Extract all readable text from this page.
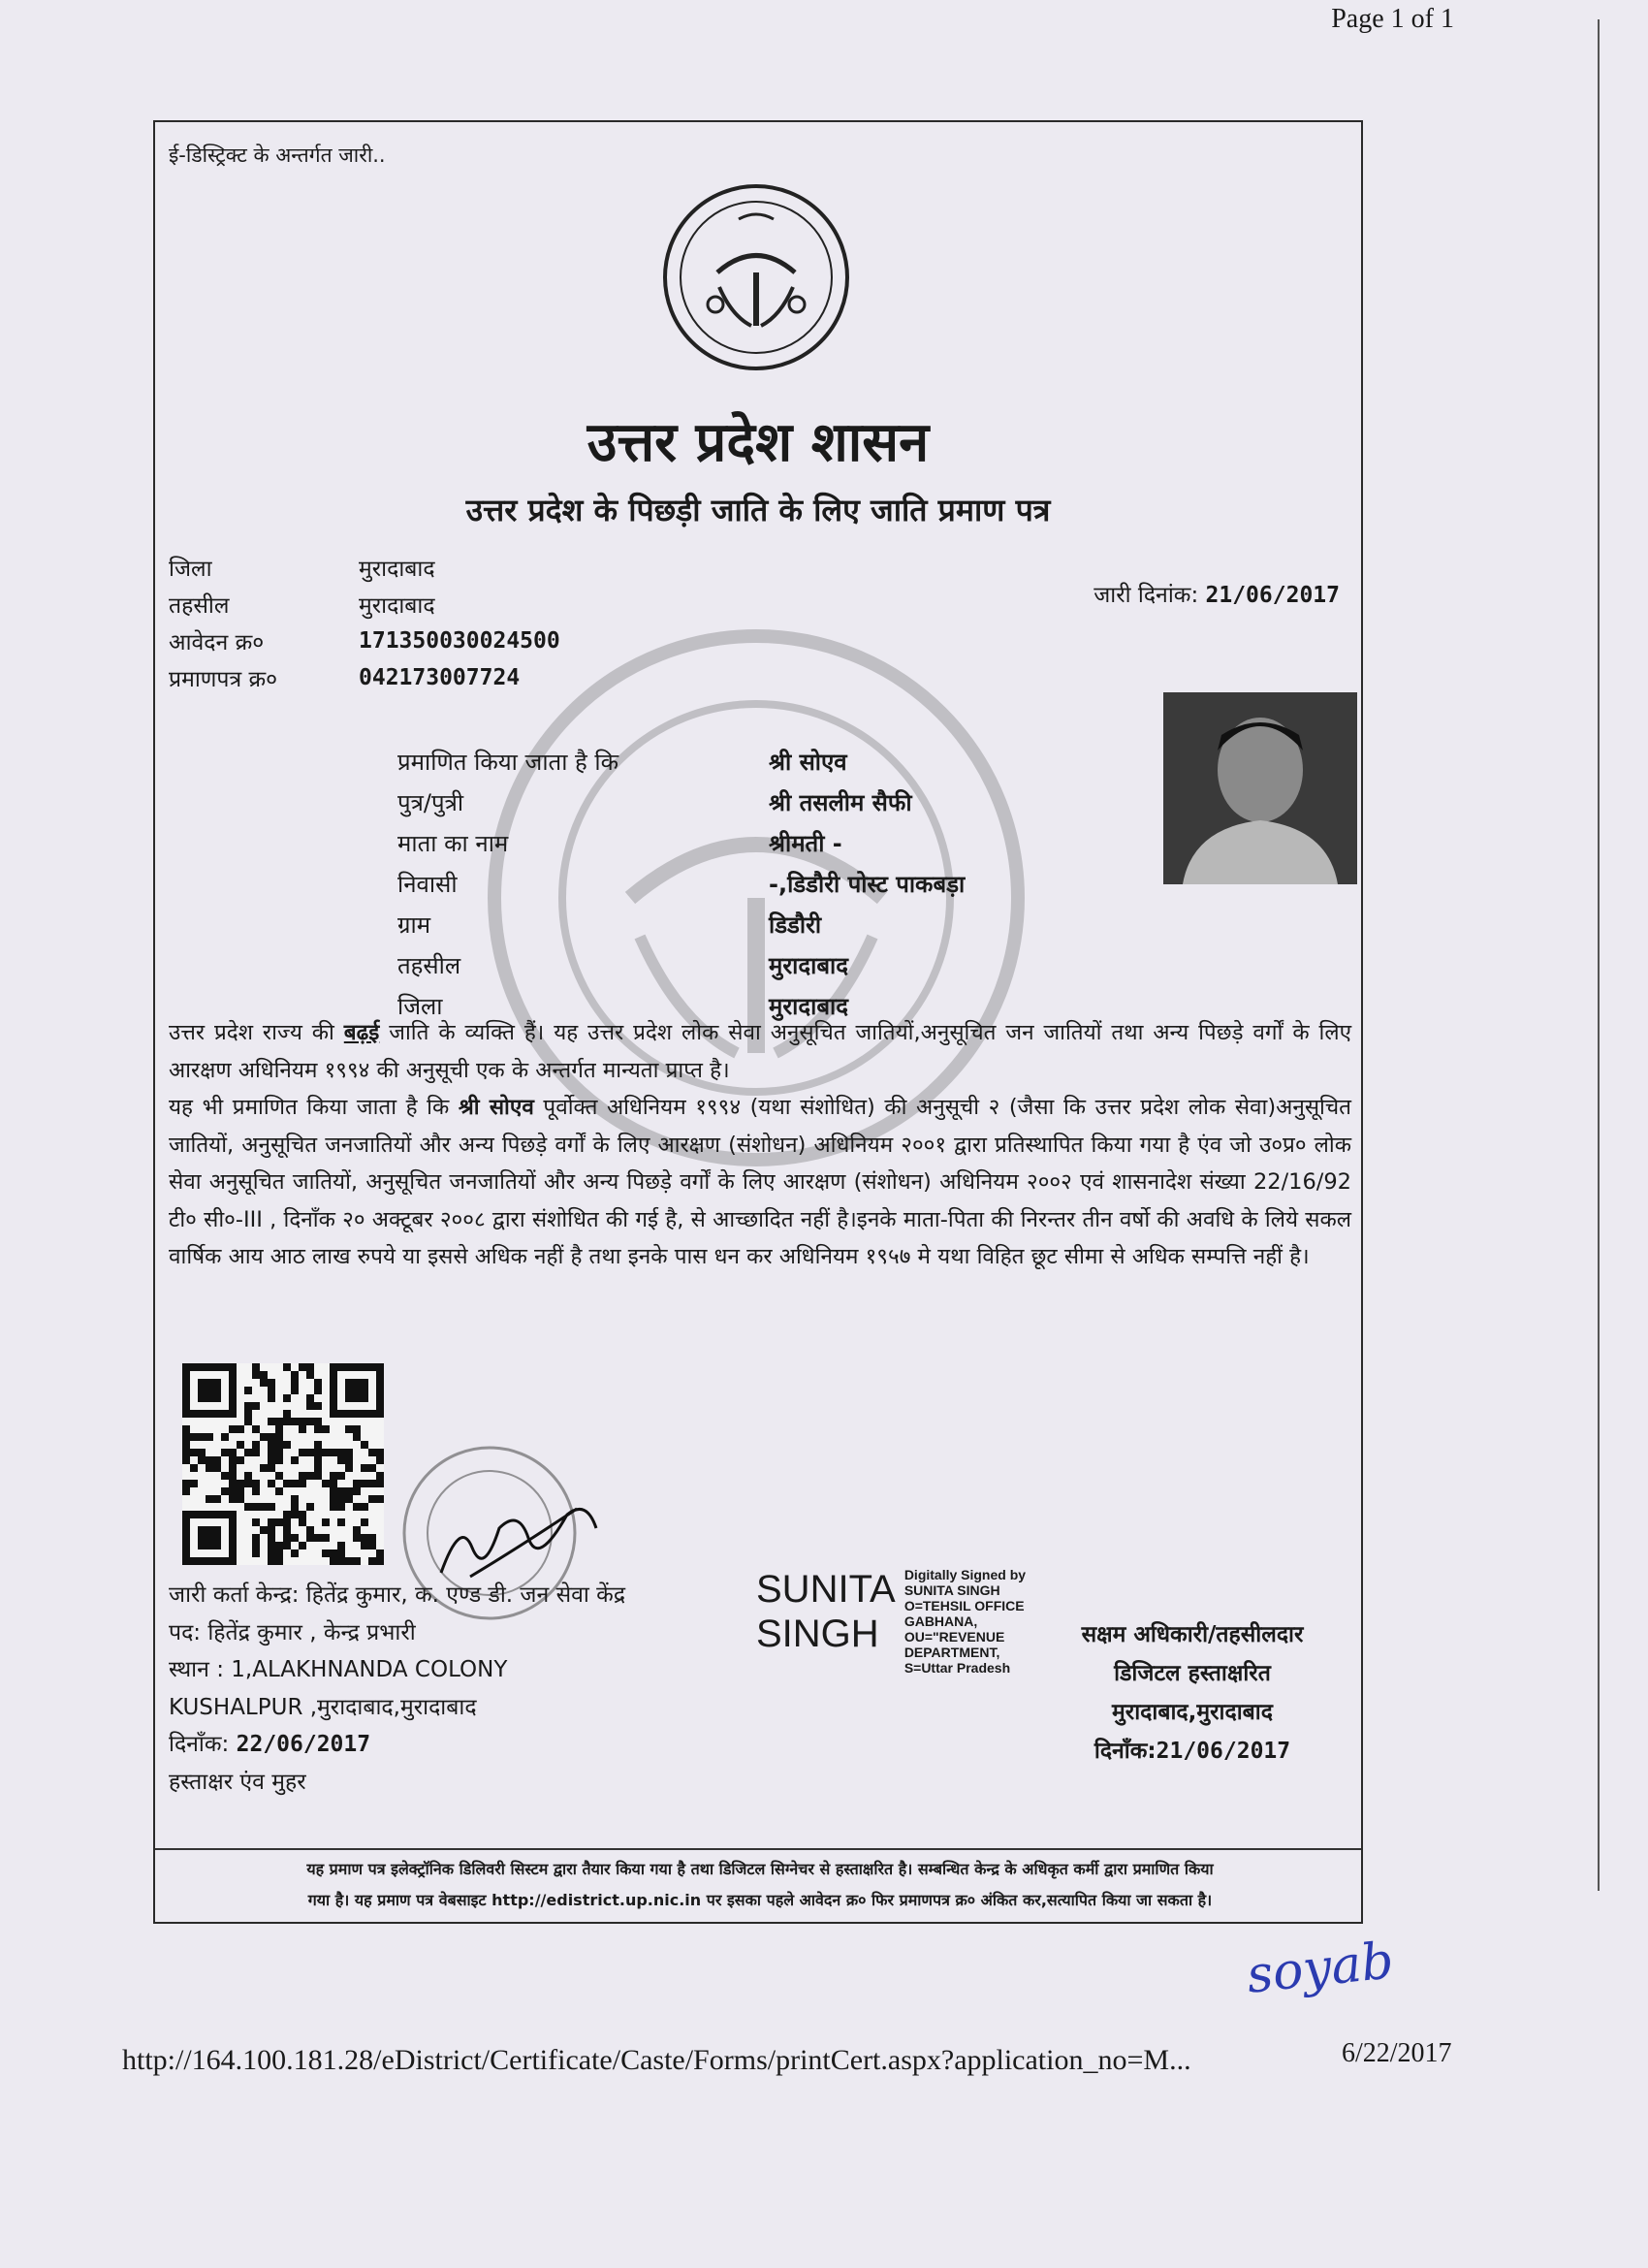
Page 1 of 1
ई-डिस्ट्रिक्ट के अन्तर्गत जारी..
उत्तर प्रदेश शासन
उत्तर प्रदेश के पिछड़ी जाति के लिए जाति प्रमाण पत्र
जिला	मुरादाबाद
तहसील	मुरादाबाद
आवेदन क्र०	171350030024500
प्रमाणपत्र क्र०	042173007724
जारी दिनांक: 21/06/2017
प्रमाणित किया जाता है कि	श्री सोएव
पुत्र/पुत्री	श्री तसलीम सैफी
माता का नाम	श्रीमती -
निवासी	-,डिडौरी पोस्ट पाकबड़ा
ग्राम	डिडौरी
तहसील	मुरादाबाद
जिला	मुरादाबाद
उत्तर प्रदेश राज्य की बढ़ई जाति के व्यक्ति हैं। यह उत्तर प्रदेश लोक सेवा अनुसूचित जातियों,अनुसूचित जन जातियों तथा अन्य पिछड़े वर्गों के लिए आरक्षण अधिनियम १९९४ की अनुसूची एक के अन्तर्गत मान्यता प्राप्त है।
यह भी प्रमाणित किया जाता है कि श्री सोएव पूर्वोक्त अधिनियम १९९४ (यथा संशोधित) की अनुसूची २ (जैसा कि उत्तर प्रदेश लोक सेवा)अनुसूचित जातियों, अनुसूचित जनजातियों और अन्य पिछड़े वर्गों के लिए आरक्षण (संशोधन) अधिनियम २००१ द्वारा प्रतिस्थापित किया गया है एंव जो उ०प्र० लोक सेवा अनुसूचित जातियों, अनुसूचित जनजातियों और अन्य पिछड़े वर्गों के लिए आरक्षण (संशोधन) अधिनियम २००२ एवं शासनादेश संख्या 22/16/92 टी० सी०-III , दिनाँक २० अक्टूबर २००८ द्वारा संशोधित की गई है, से आच्छादित नहीं है।इनके माता-पिता की निरन्तर तीन वर्षो की अवधि के लिये सकल वार्षिक आय आठ लाख रुपये या इससे अधिक नहीं है तथा इनके पास धन कर अधिनियम १९५७ मे यथा विहित छूट सीमा से अधिक सम्पत्ति नहीं है।
जारी कर्ता केन्द्र: हितेंद्र कुमार, क. एण्ड डी. जन सेवा केंद्र
पद: हितेंद्र कुमार , केन्द्र प्रभारी
स्थान : 1,ALAKHNANDA COLONY
KUSHALPUR ,मुरादाबाद,मुरादाबाद
दिनाँक: 22/06/2017
हस्ताक्षर एंव मुहर
SUNITA
SINGH

Digitally Signed by
SUNITA SINGH
O=TEHSIL OFFICE
GABHANA,
OU="REVENUE
DEPARTMENT,
S=Uttar Pradesh
सक्षम अधिकारी/तहसीलदार
डिजिटल हस्ताक्षरित
मुरादाबाद,मुरादाबाद
दिनाँक:21/06/2017
यह प्रमाण पत्र इलेक्ट्रॉनिक डिलिवरी सिस्टम द्वारा तैयार किया गया है तथा डिजिटल सिग्नेचर से हस्ताक्षरित है। सम्बन्धित केन्द्र के अधिकृत कर्मी द्वारा प्रमाणित किया
गया है। यह प्रमाण पत्र वेबसाइट http://edistrict.up.nic.in पर इसका पहले आवेदन क्र० फिर प्रमाणपत्र क्र० अंकित कर,सत्यापित किया जा सकता है।
soyab
http://164.100.181.28/eDistrict/Certificate/Caste/Forms/printCert.aspx?application_no=M...	6/22/2017
